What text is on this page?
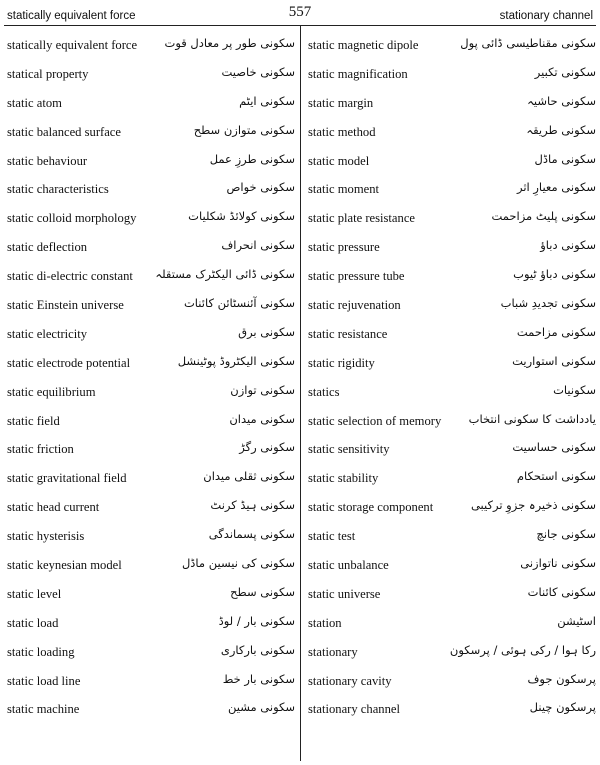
statically equivalent force	557	stationary channel
statically equivalent force سکونی طور پر معادل قوت
statical property	سکونی خاصیت
static atom	سکونی ایٹم
static balanced surface	سکونی متوازن سطح
static behaviour	سکونی طرزِ عمل
static characteristics	سکونی خواص
static colloid morphology	سکونی کولائڈ شکلیات
static deflection	سکونی انحراف
static di-electric constant سکونی ڈائی الیکٹرک مستقلہ
static Einstein universe	سکونی آئنسٹائن کائنات
static electricity	سکونی برق
static electrode potential	سکونی الیکٹروڈ پوٹینشل
static equilibrium	سکونی توازن
static field	سکونی میدان
static friction	سکونی رگڑ
static gravitational field	سکونی ثقلی میدان
static head current	سکونی ہیڈ کرنٹ
static hysterisis	سکونی پسماندگی
static keynesian model	سکونی کی نیسین ماڈل
static level	سکونی سطح
static load	سکونی بار / لوڈ
static loading	سکونی بارکاری
static load line	سکونی بار خط
static machine	سکونی مشین
static magnetic dipole	سکونی مقناطیسی ڈائی پول
static magnification	سکونی تکبیر
static margin	سکونی حاشیہ
static method	سکونی طریقہ
static model	سکونی ماڈل
static moment	سکونی معیارِ اثر
static plate resistance	سکونی پلیٹ مزاحمت
static pressure	سکونی دباؤ
static pressure tube	سکونی دباؤ ٹیوب
static rejuvenation	سکونی تجدیدِ شباب
static resistance	سکونی مزاحمت
static rigidity	سکونی استواریت
statics	سکونیات
static selection of memory یادداشت کا سکونی انتخاب
static sensitivity	سکونی حساسیت
static stability	سکونی استحکام
static storage component	سکونی ذخیرہ جزوِ ترکیبی
static test	سکونی جانچ
static unbalance	سکونی ناتوازنی
static universe	سکونی کائنات
station	اسٹیشن
stationary	رکا ہوا / رکی ہوئی / پرسکون
stationary cavity	پرسکون جوف
stationary channel	پرسکون چینل
